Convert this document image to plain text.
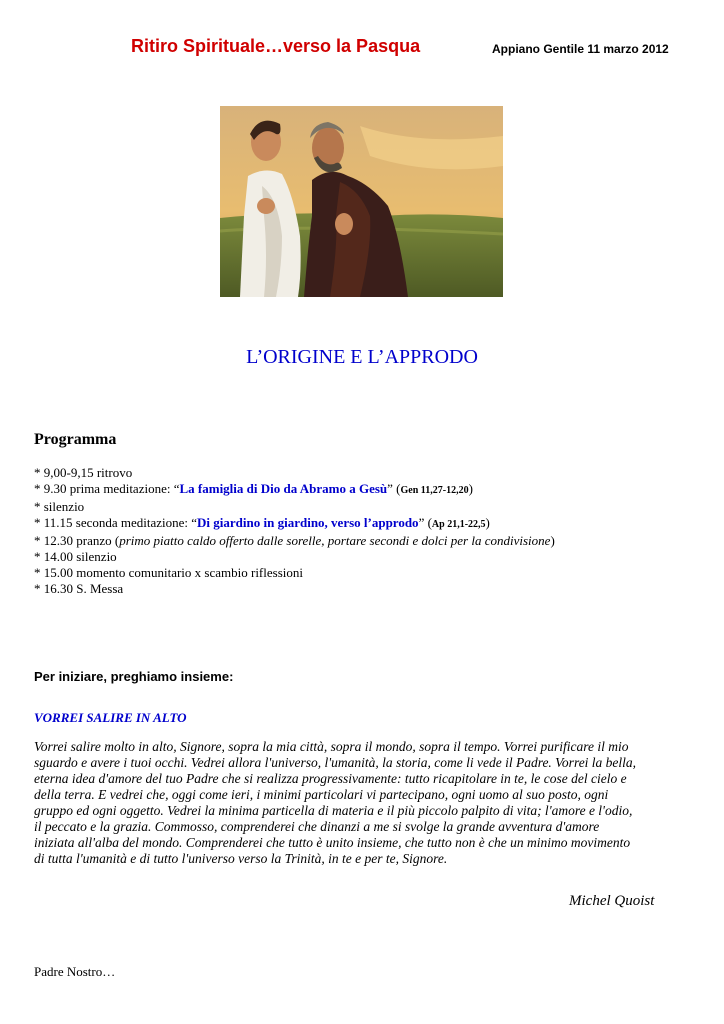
Ritiro Spirituale…verso la Pasqua	Appiano Gentile 11 marzo 2012
L’ORIGINE E L’APPRODO
Programma
* 9,00-9,15 ritrovo
* 9.30 prima meditazione: “La famiglia di Dio da Abramo a Gesù” (Gen 11,27-12,20)
* silenzio
* 11.15 seconda meditazione: “Di giardino in giardino, verso l’approdo” (Ap 21,1-22,5)
* 12.30 pranzo (primo piatto caldo offerto dalle sorelle, portare secondi e dolci per la condivisione)
* 14.00 silenzio
* 15.00 momento comunitario x scambio riflessioni
* 16.30 S. Messa
Per iniziare, preghiamo insieme:
VORREI SALIRE IN ALTO
Vorrei salire molto in alto, Signore, sopra la mia città, sopra il mondo, sopra il tempo. Vorrei purificare il mio
sguardo e avere i tuoi occhi. Vedrei allora l'universo, l'umanità, la storia, come li vede il Padre. Vorrei la bella,
eterna idea d'amore del tuo Padre che si realizza progressivamente: tutto ricapitolare in te, le cose del cielo e
della terra. E vedrei che, oggi come ieri, i minimi particolari vi partecipano, ogni uomo al suo posto, ogni
gruppo ed ogni oggetto. Vedrei la minima particella di materia e il più piccolo palpito di vita; l'amore e l'odio,
il peccato e la grazia. Commosso, comprenderei che dinanzi a me si svolge la grande avventura d'amore
iniziata all'alba del mondo. Comprenderei che tutto è unito insieme, che tutto non è che un minimo movimento
di tutta l'umanità e di tutto l'universo verso la Trinità, in te e per te, Signore.
Michel Quoist
Padre Nostro…
